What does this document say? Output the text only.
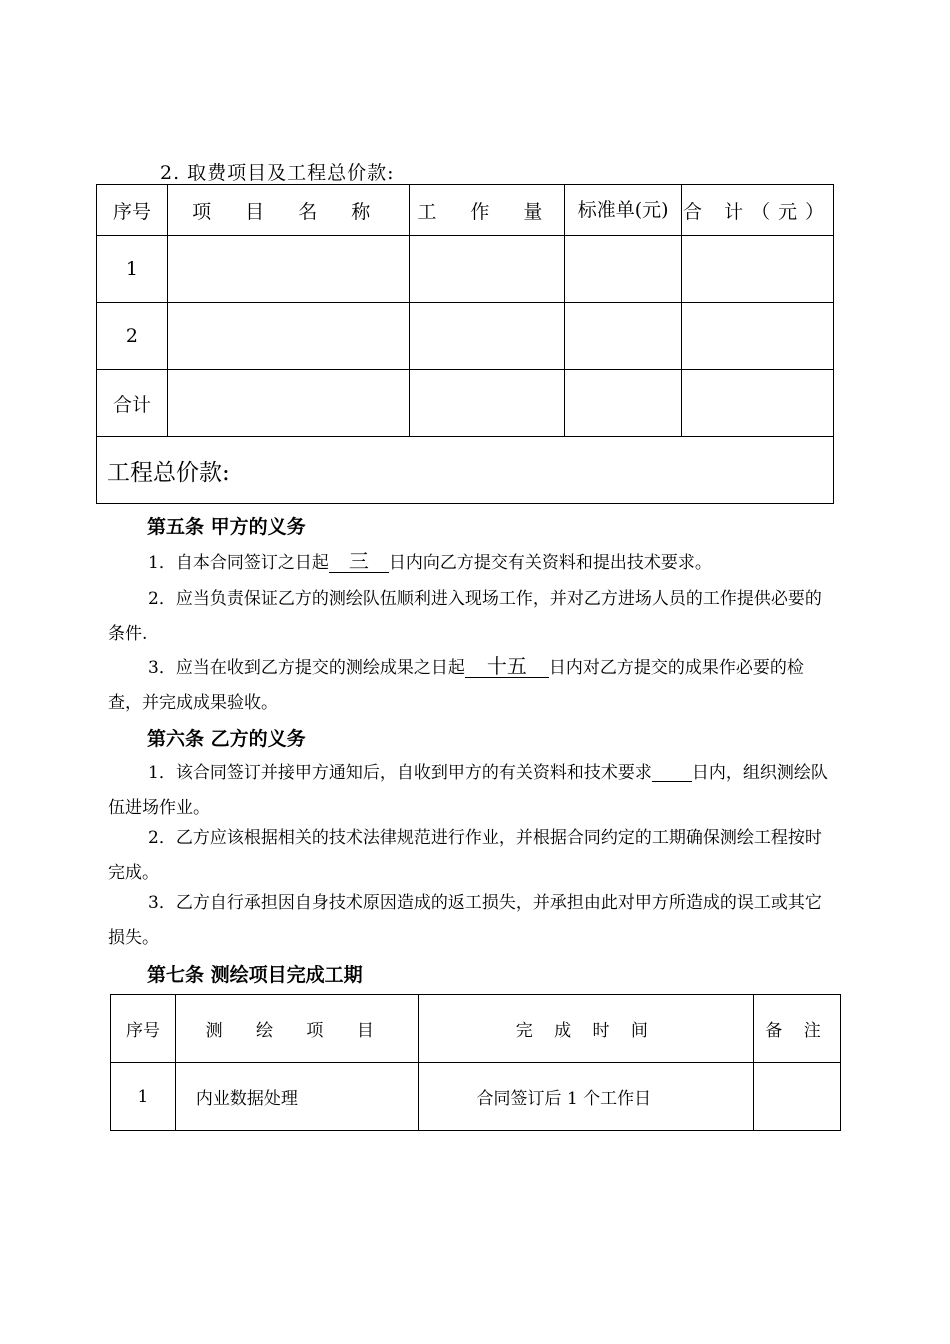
2. 取费项目及工程总价款:
序号	项 目 名 称	工 作 量	标准单(元)	合 计（元）
1				
2				
合计				
工程总价款:				
第五条 甲方的义务
1．自本合同签订之日起 三 日内向乙方提交有关资料和提出技术要求。
2．应当负责保证乙方的测绘队伍顺利进入现场工作，并对乙方进场人员的工作提供必要的条件.
3．应当在收到乙方提交的测绘成果之日起 十五 日内对乙方提交的成果作必要的检查，并完成成果验收。
第六条 乙方的义务
1．该合同签订并接甲方通知后，自收到甲方的有关资料和技术要求 日内，组织测绘队伍进场作业。
2．乙方应该根据相关的技术法律规范进行作业，并根据合同约定的工期确保测绘工程按时完成。
3．乙方自行承担因自身技术原因造成的返工损失，并承担由此对甲方所造成的误工或其它损失。
第七条 测绘项目完成工期
序号	测 绘 项 目	完 成 时 间	备 注
1	内业数据处理	合同签订后 1 个工作日	
